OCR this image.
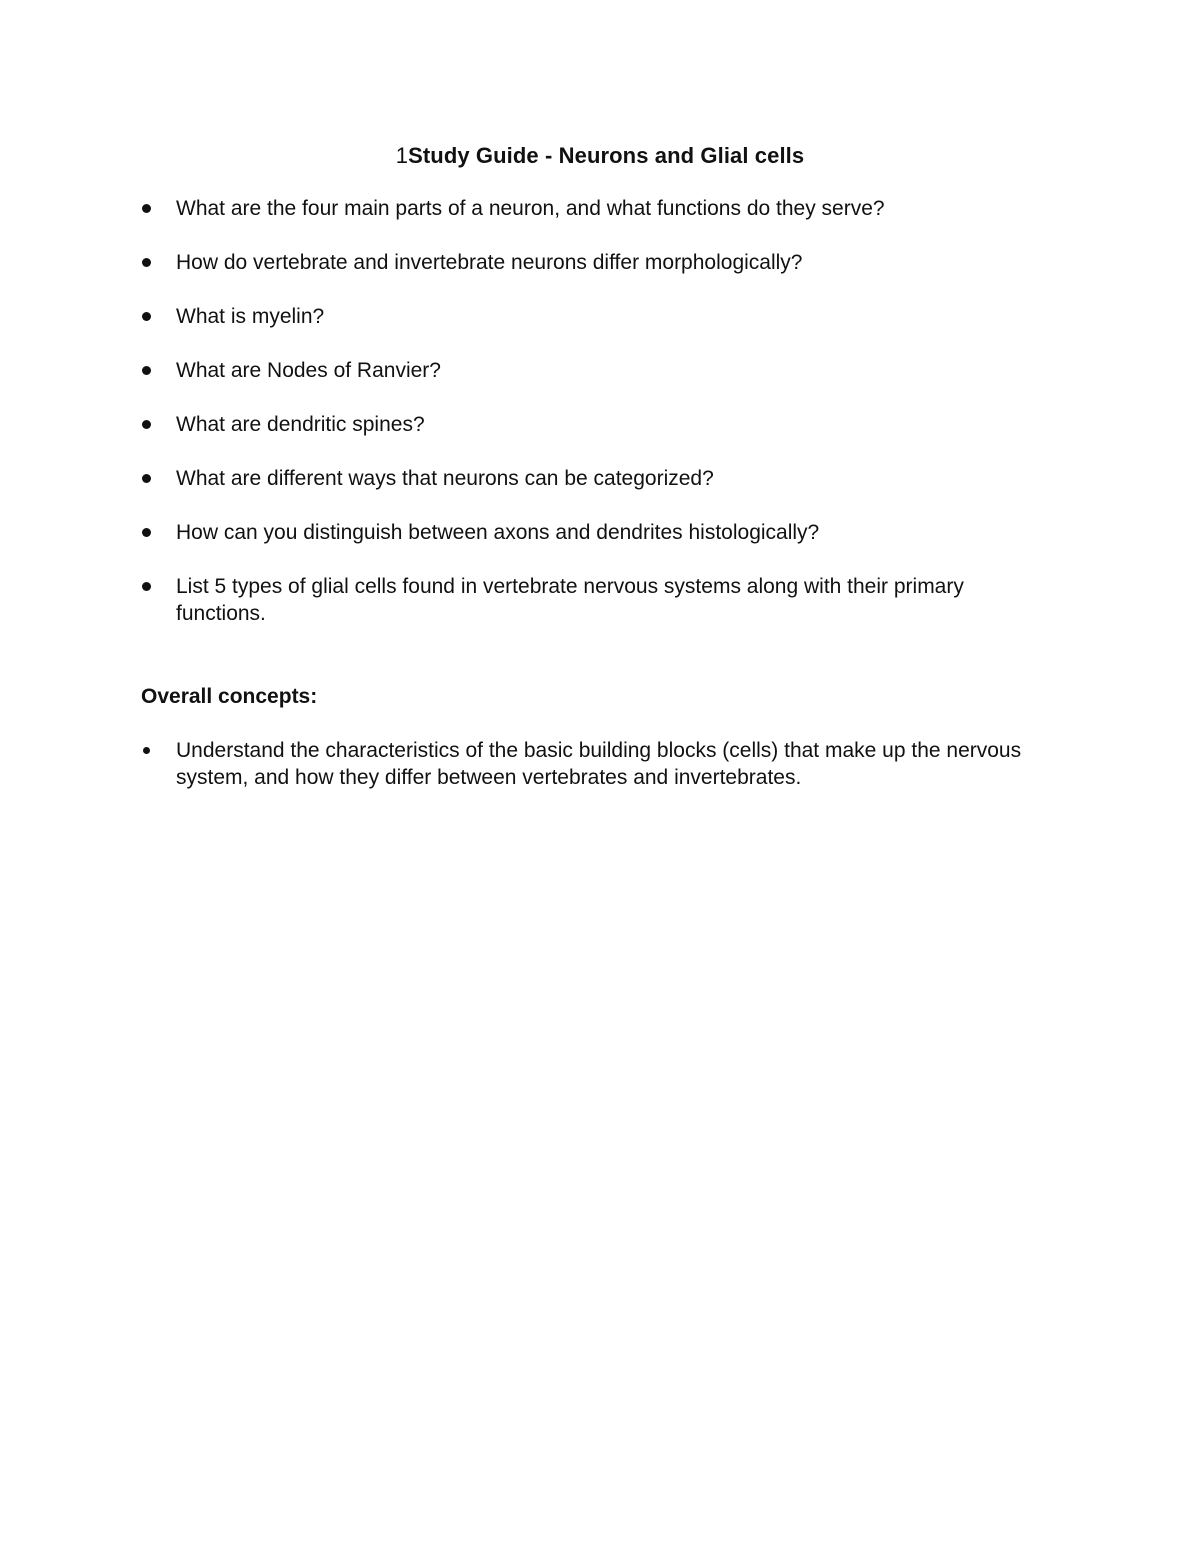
1Study Guide - Neurons and Glial cells
What are the four main parts of a neuron, and what functions do they serve?
How do vertebrate and invertebrate neurons differ morphologically?
What is myelin?
What are Nodes of Ranvier?
What are dendritic spines?
What are different ways that neurons can be categorized?
How can you distinguish between axons and dendrites histologically?
List 5 types of glial cells found in vertebrate nervous systems along with their primary functions.
Overall concepts:
Understand the characteristics of the basic building blocks (cells) that make up the nervous system, and how they differ between vertebrates and invertebrates.
